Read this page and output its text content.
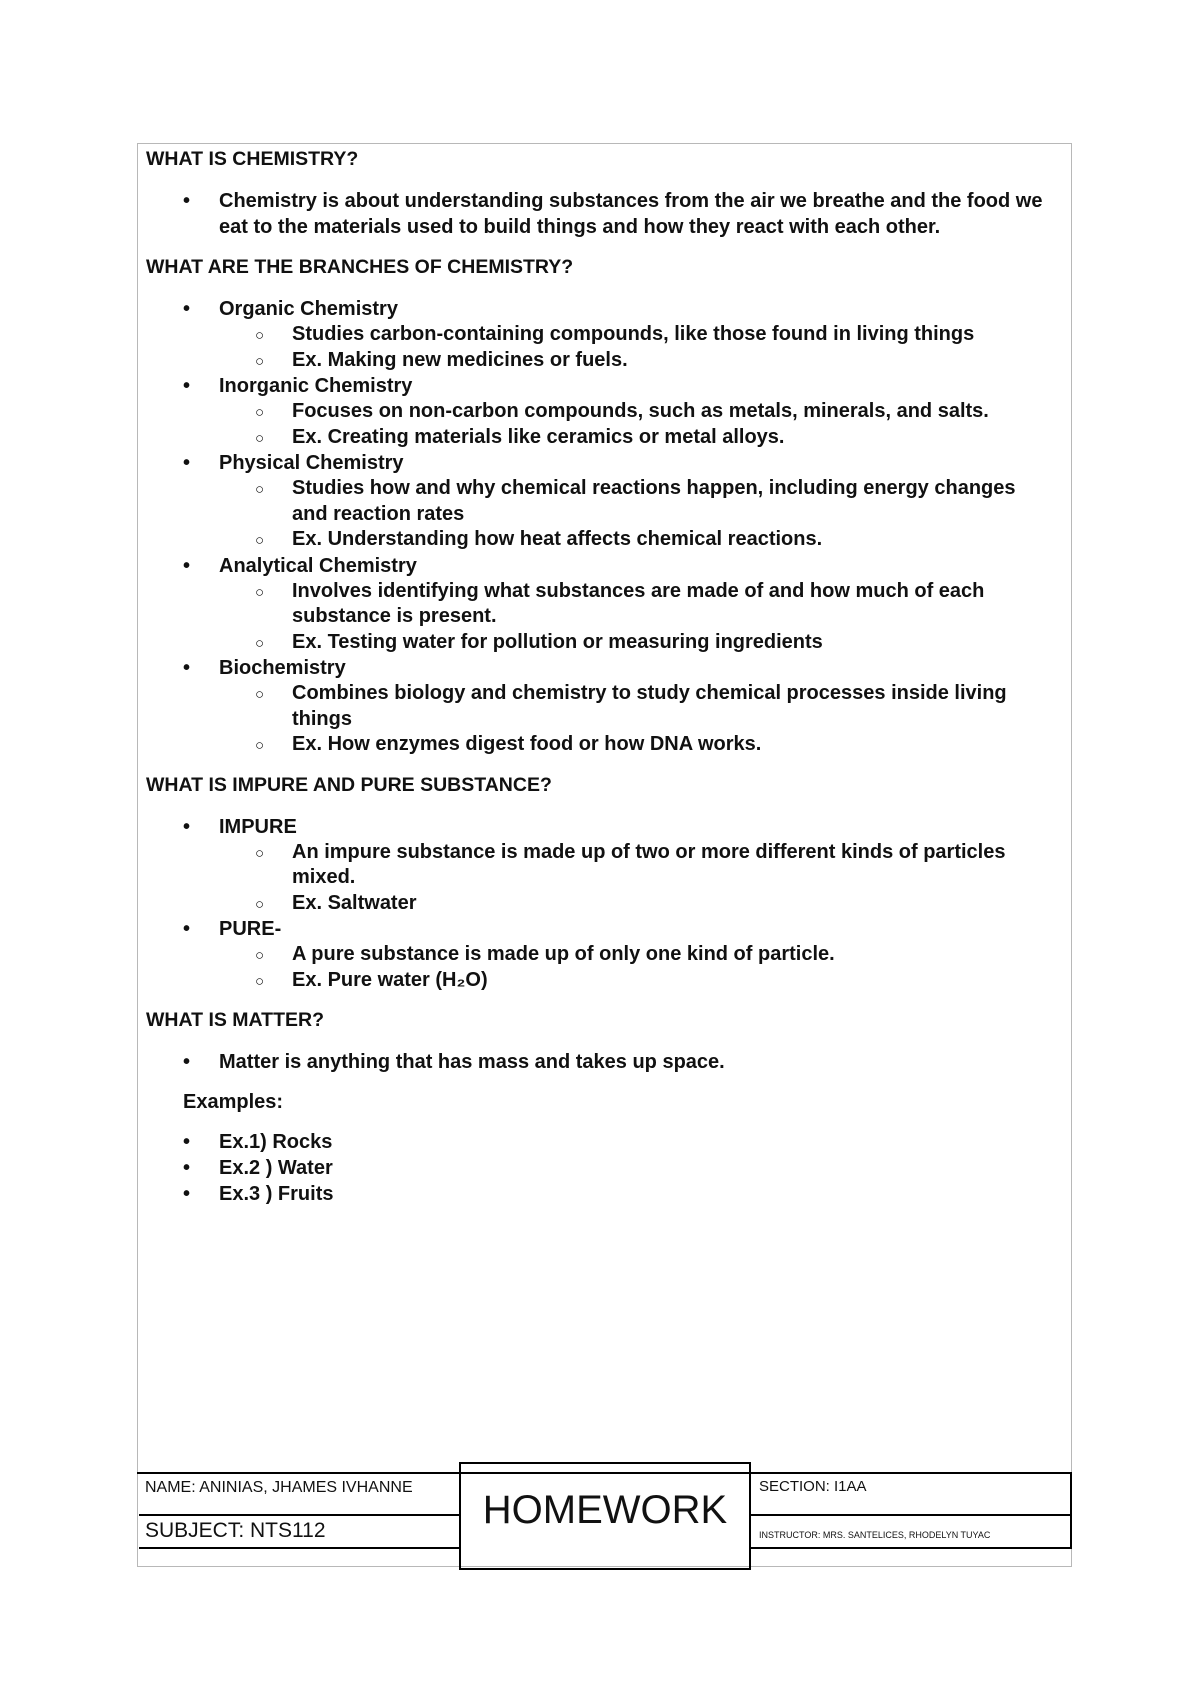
WHAT IS CHEMISTRY?
• Chemistry is about understanding substances from the air we breathe and the food we eat to the materials used to build things and how they react with each other.
WHAT ARE THE BRANCHES OF CHEMISTRY?
• Organic Chemistry
○ Studies carbon-containing compounds, like those found in living things
○ Ex. Making new medicines or fuels.
• Inorganic Chemistry
○ Focuses on non-carbon compounds, such as metals, minerals, and salts.
○ Ex. Creating materials like ceramics or metal alloys.
• Physical Chemistry
○ Studies how and why chemical reactions happen, including energy changes and reaction rates
○ Ex. Understanding how heat affects chemical reactions.
• Analytical Chemistry
○ Involves identifying what substances are made of and how much of each substance is present.
○ Ex. Testing water for pollution or measuring ingredients
• Biochemistry
○ Combines biology and chemistry to study chemical processes inside living things
○ Ex. How enzymes digest food or how DNA works.
WHAT IS IMPURE AND PURE SUBSTANCE?
• IMPURE
○ An impure substance is made up of two or more different kinds of particles mixed.
○ Ex. Saltwater
• PURE-
○ A pure substance is made up of only one kind of particle.
○ Ex. Pure water (H₂O)
WHAT IS MATTER?
• Matter is anything that has mass and takes up space.
Examples:
• Ex.1) Rocks
• Ex.2 ) Water
• Ex.3 ) Fruits
NAME: ANINIAS, JHAMES IVHANNE
SUBJECT: NTS112	HOMEWORK
SECTION: I1AA
INSTRUCTOR: MRS. SANTELICES, RHODELYN TUYAC
